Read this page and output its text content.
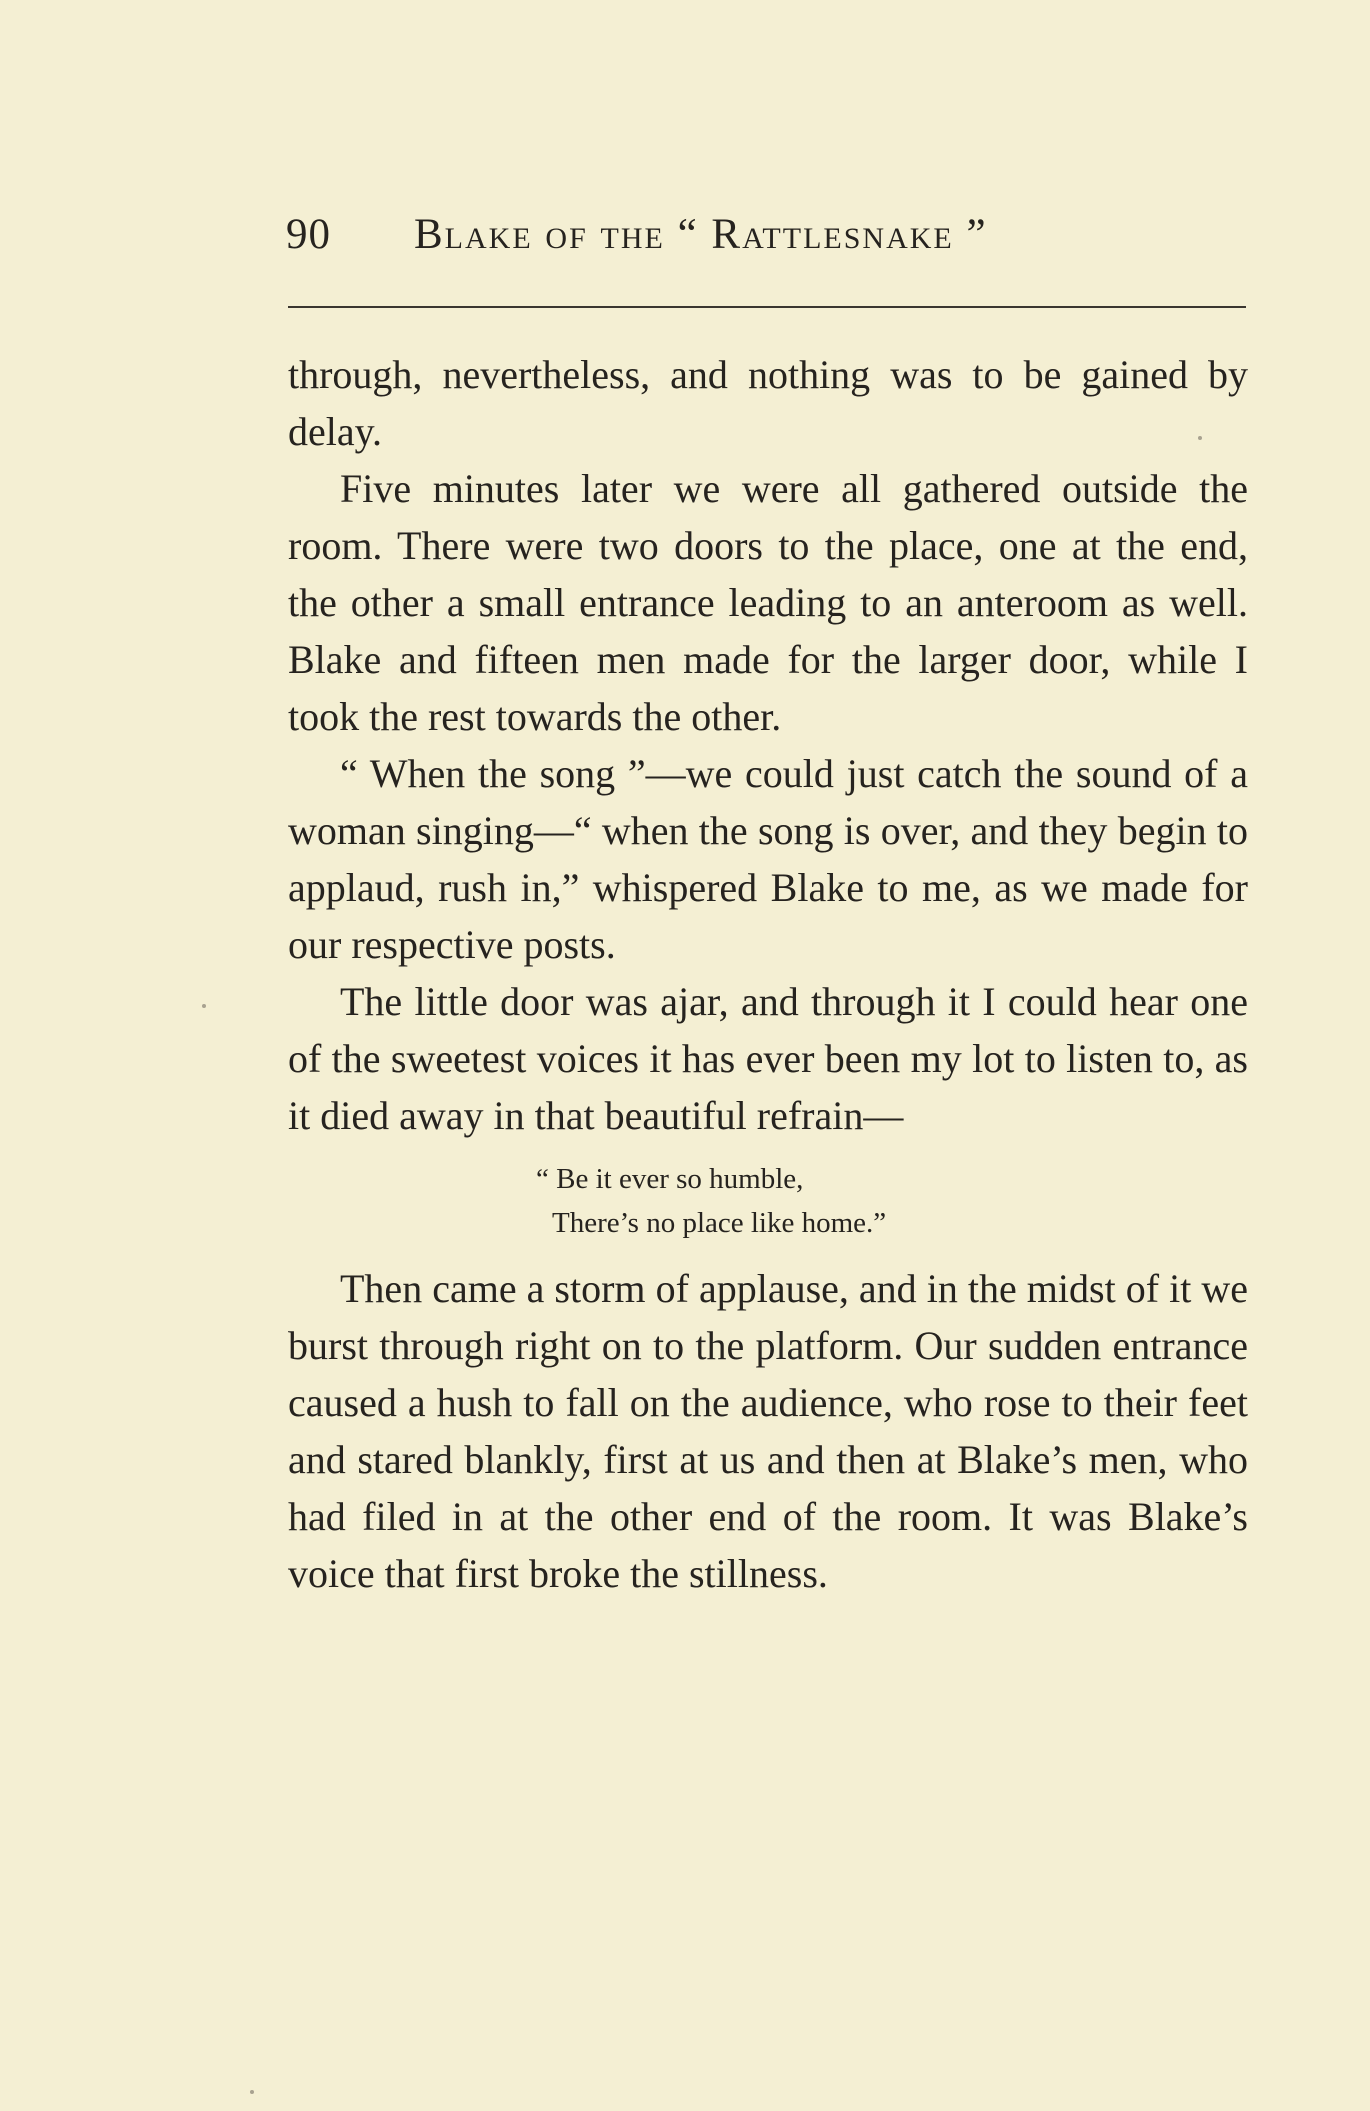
90 Blake of the “ Rattlesnake ”

through, nevertheless, and nothing was to be gained by delay.

Five minutes later we were all gathered outside the room. There were two doors to the place, one at the end, the other a small entrance leading to an anteroom as well. Blake and fifteen men made for the larger door, while I took the rest towards the other.

“ When the song ”—we could just catch the sound of a woman singing—“ when the song is over, and they begin to applaud, rush in,” whispered Blake to me, as we made for our respective posts.

The little door was ajar, and through it I could hear one of the sweetest voices it has ever been my lot to listen to, as it died away in that beautiful refrain—

“ Be it ever so humble,
There’s no place like home.”

Then came a storm of applause, and in the midst of it we burst through right on to the platform. Our sudden entrance caused a hush to fall on the audience, who rose to their feet and stared blankly, first at us and then at Blake’s men, who had filed in at the other end of the room. It was Blake’s voice that first broke the stillness.
